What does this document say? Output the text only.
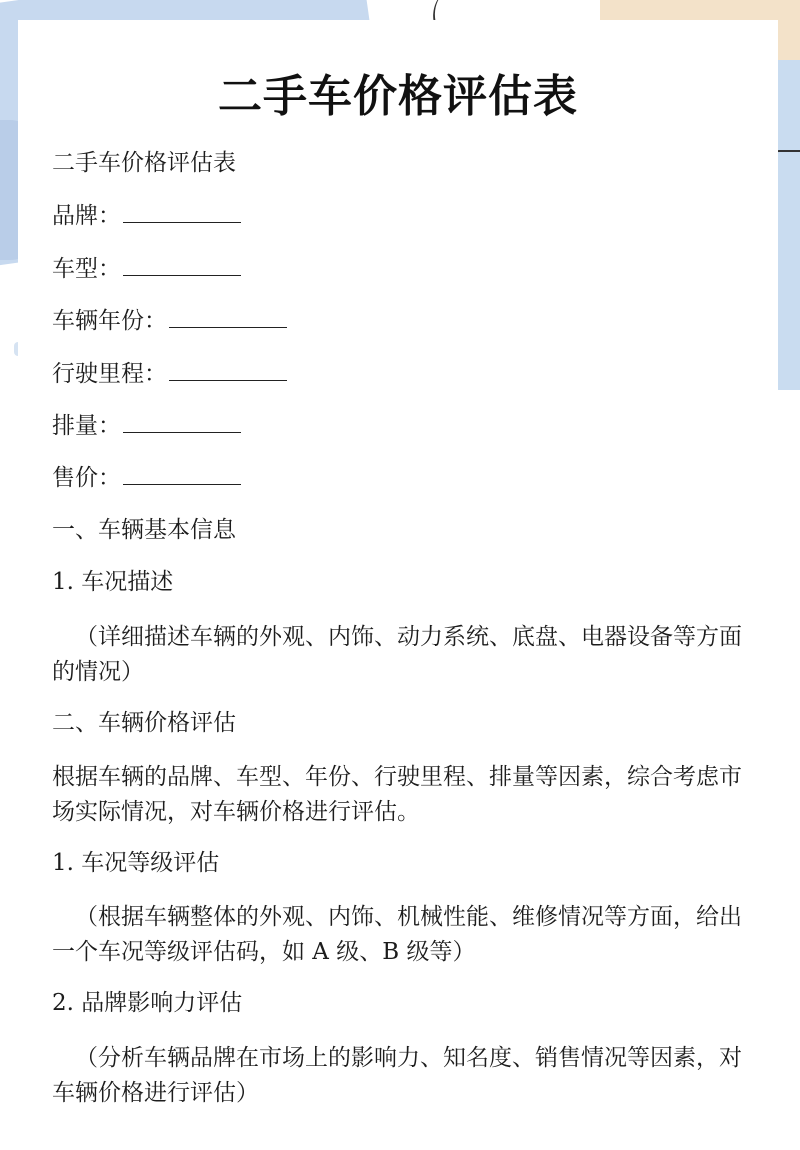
二手车价格评估表
二手车价格评估表
品牌：
车型：
车辆年份：
行驶里程：
排量：
售价：
一、车辆基本信息
1. 车况描述
（详细描述车辆的外观、内饰、动力系统、底盘、电器设备等方面的情况）
二、车辆价格评估
根据车辆的品牌、车型、年份、行驶里程、排量等因素，综合考虑市场实际情况，对车辆价格进行评估。
1. 车况等级评估
（根据车辆整体的外观、内饰、机械性能、维修情况等方面，给出一个车况等级评估码，如 A 级、B 级等）
2. 品牌影响力评估
（分析车辆品牌在市场上的影响力、知名度、销售情况等因素，对车辆价格进行评估）
